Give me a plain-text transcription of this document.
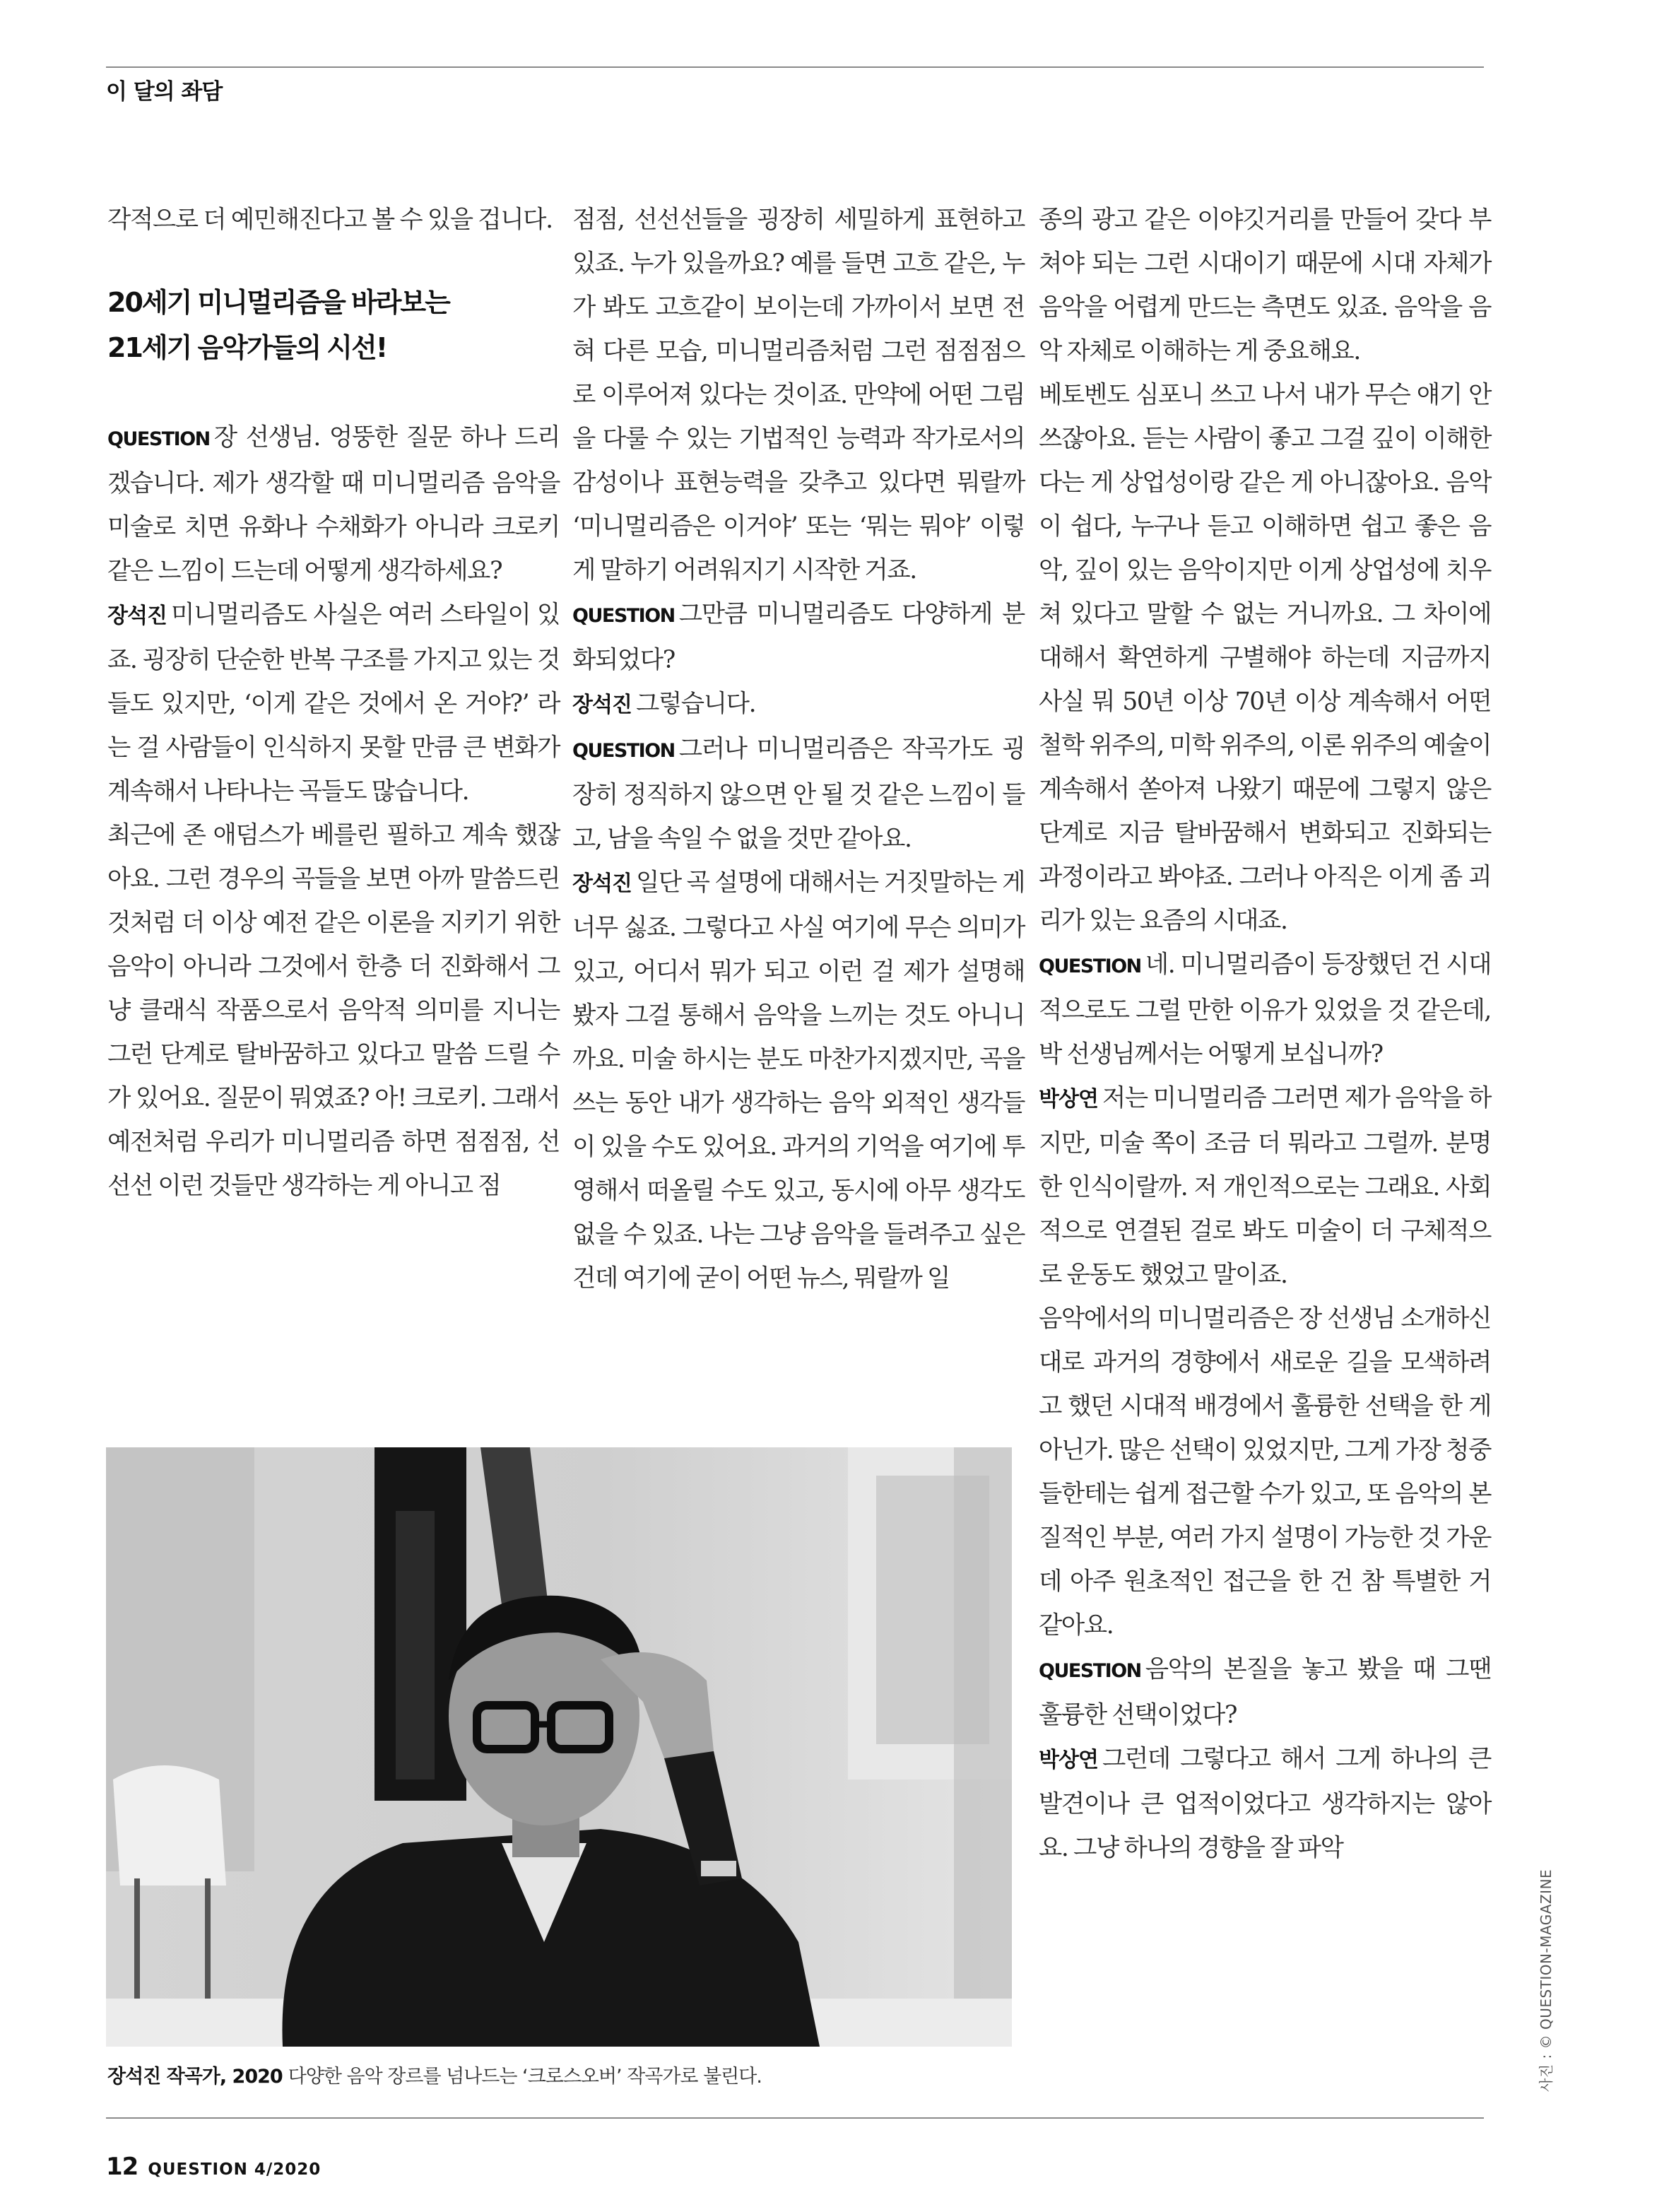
이 달의 좌담

각적으로 더 예민해진다고 볼 수 있을 겁니다.

20세기 미니멀리즘을 바라보는
21세기 음악가들의 시선!

QUESTION 장 선생님. 엉뚱한 질문 하나 드리겠습니다. 제가 생각할 때 미니멀리즘 음악을 미술로 치면 유화나 수채화가 아니라 크로키 같은 느낌이 드는데 어떻게 생각하세요?

장석진 미니멀리즘도 사실은 여러 스타일이 있죠. 굉장히 단순한 반복 구조를 가지고 있는 것들도 있지만, ‘이게 같은 것에서 온 거야?’ 라는 걸 사람들이 인식하지 못할 만큼 큰 변화가 계속해서 나타나는 곡들도 많습니다.

최근에 존 애덤스가 베를린 필하고 계속 했잖아요. 그런 경우의 곡들을 보면 아까 말씀드린 것처럼 더 이상 예전 같은 이론을 지키기 위한 음악이 아니라 그것에서 한층 더 진화해서 그냥 클래식 작품으로서 음악적 의미를 지니는 그런 단계로 탈바꿈하고 있다고 말씀 드릴 수가 있어요. 질문이 뭐였죠? 아! 크로키. 그래서 예전처럼 우리가 미니멀리즘 하면 점점점, 선선선 이런 것들만 생각하는 게 아니고 점

점점, 선선선들을 굉장히 세밀하게 표현하고 있죠. 누가 있을까요? 예를 들면 고흐 같은, 누가 봐도 고흐같이 보이는데 가까이서 보면 전혀 다른 모습, 미니멀리즘처럼 그런 점점점으로 이루어져 있다는 것이죠. 만약에 어떤 그림을 다룰 수 있는 기법적인 능력과 작가로서의 감성이나 표현능력을 갖추고 있다면 뭐랄까 ‘미니멀리즘은 이거야’ 또는 ‘뭐는 뭐야’ 이렇게 말하기 어려워지기 시작한 거죠.

QUESTION 그만큼 미니멀리즘도 다양하게 분화되었다?

장석진 그렇습니다.

QUESTION 그러나 미니멀리즘은 작곡가도 굉장히 정직하지 않으면 안 될 것 같은 느낌이 들고, 남을 속일 수 없을 것만 같아요.

장석진 일단 곡 설명에 대해서는 거짓말하는 게 너무 싫죠. 그렇다고 사실 여기에 무슨 의미가 있고, 어디서 뭐가 되고 이런 걸 제가 설명해 봤자 그걸 통해서 음악을 느끼는 것도 아니니까요. 미술 하시는 분도 마찬가지겠지만, 곡을 쓰는 동안 내가 생각하는 음악 외적인 생각들이 있을 수도 있어요. 과거의 기억을 여기에 투영해서 떠올릴 수도 있고, 동시에 아무 생각도 없을 수 있죠. 나는 그냥 음악을 들려주고 싶은 건데 여기에 굳이 어떤 뉴스, 뭐랄까 일

종의 광고 같은 이야깃거리를 만들어 갖다 부쳐야 되는 그런 시대이기 때문에 시대 자체가 음악을 어렵게 만드는 측면도 있죠. 음악을 음악 자체로 이해하는 게 중요해요.

베토벤도 심포니 쓰고 나서 내가 무슨 얘기 안 쓰잖아요. 듣는 사람이 좋고 그걸 깊이 이해한다는 게 상업성이랑 같은 게 아니잖아요. 음악이 쉽다, 누구나 듣고 이해하면 쉽고 좋은 음악, 깊이 있는 음악이지만 이게 상업성에 치우쳐 있다고 말할 수 없는 거니까요. 그 차이에 대해서 확연하게 구별해야 하는데 지금까지 사실 뭐 50년 이상 70년 이상 계속해서 어떤 철학 위주의, 미학 위주의, 이론 위주의 예술이 계속해서 쏟아져 나왔기 때문에 그렇지 않은 단계로 지금 탈바꿈해서 변화되고 진화되는 과정이라고 봐야죠. 그러나 아직은 이게 좀 괴리가 있는 요즘의 시대죠.

QUESTION 네. 미니멀리즘이 등장했던 건 시대적으로도 그럴 만한 이유가 있었을 것 같은데, 박 선생님께서는 어떻게 보십니까?

박상연 저는 미니멀리즘 그러면 제가 음악을 하지만, 미술 쪽이 조금 더 뭐라고 그럴까. 분명한 인식이랄까. 저 개인적으로는 그래요. 사회적으로 연결된 걸로 봐도 미술이 더 구체적으로 운동도 했었고 말이죠.

음악에서의 미니멀리즘은 장 선생님 소개하신 대로 과거의 경향에서 새로운 길을 모색하려고 했던 시대적 배경에서 훌륭한 선택을 한 게 아닌가. 많은 선택이 있었지만, 그게 가장 청중들한테는 쉽게 접근할 수가 있고, 또 음악의 본질적인 부분, 여러 가지 설명이 가능한 것 가운데 아주 원초적인 접근을 한 건 참 특별한 거 같아요.

QUESTION 음악의 본질을 놓고 봤을 때 그땐 훌륭한 선택이었다?

박상연 그런데 그렇다고 해서 그게 하나의 큰 발견이나 큰 업적이었다고 생각하지는 않아요. 그냥 하나의 경향을 잘 파악

장석진 작곡가, 2020 다양한 음악 장르를 넘나드는 ‘크로스오버’ 작곡가로 불린다.
12 QUESTION 4/2020
사진 : © QUESTION-MAGAZINE
